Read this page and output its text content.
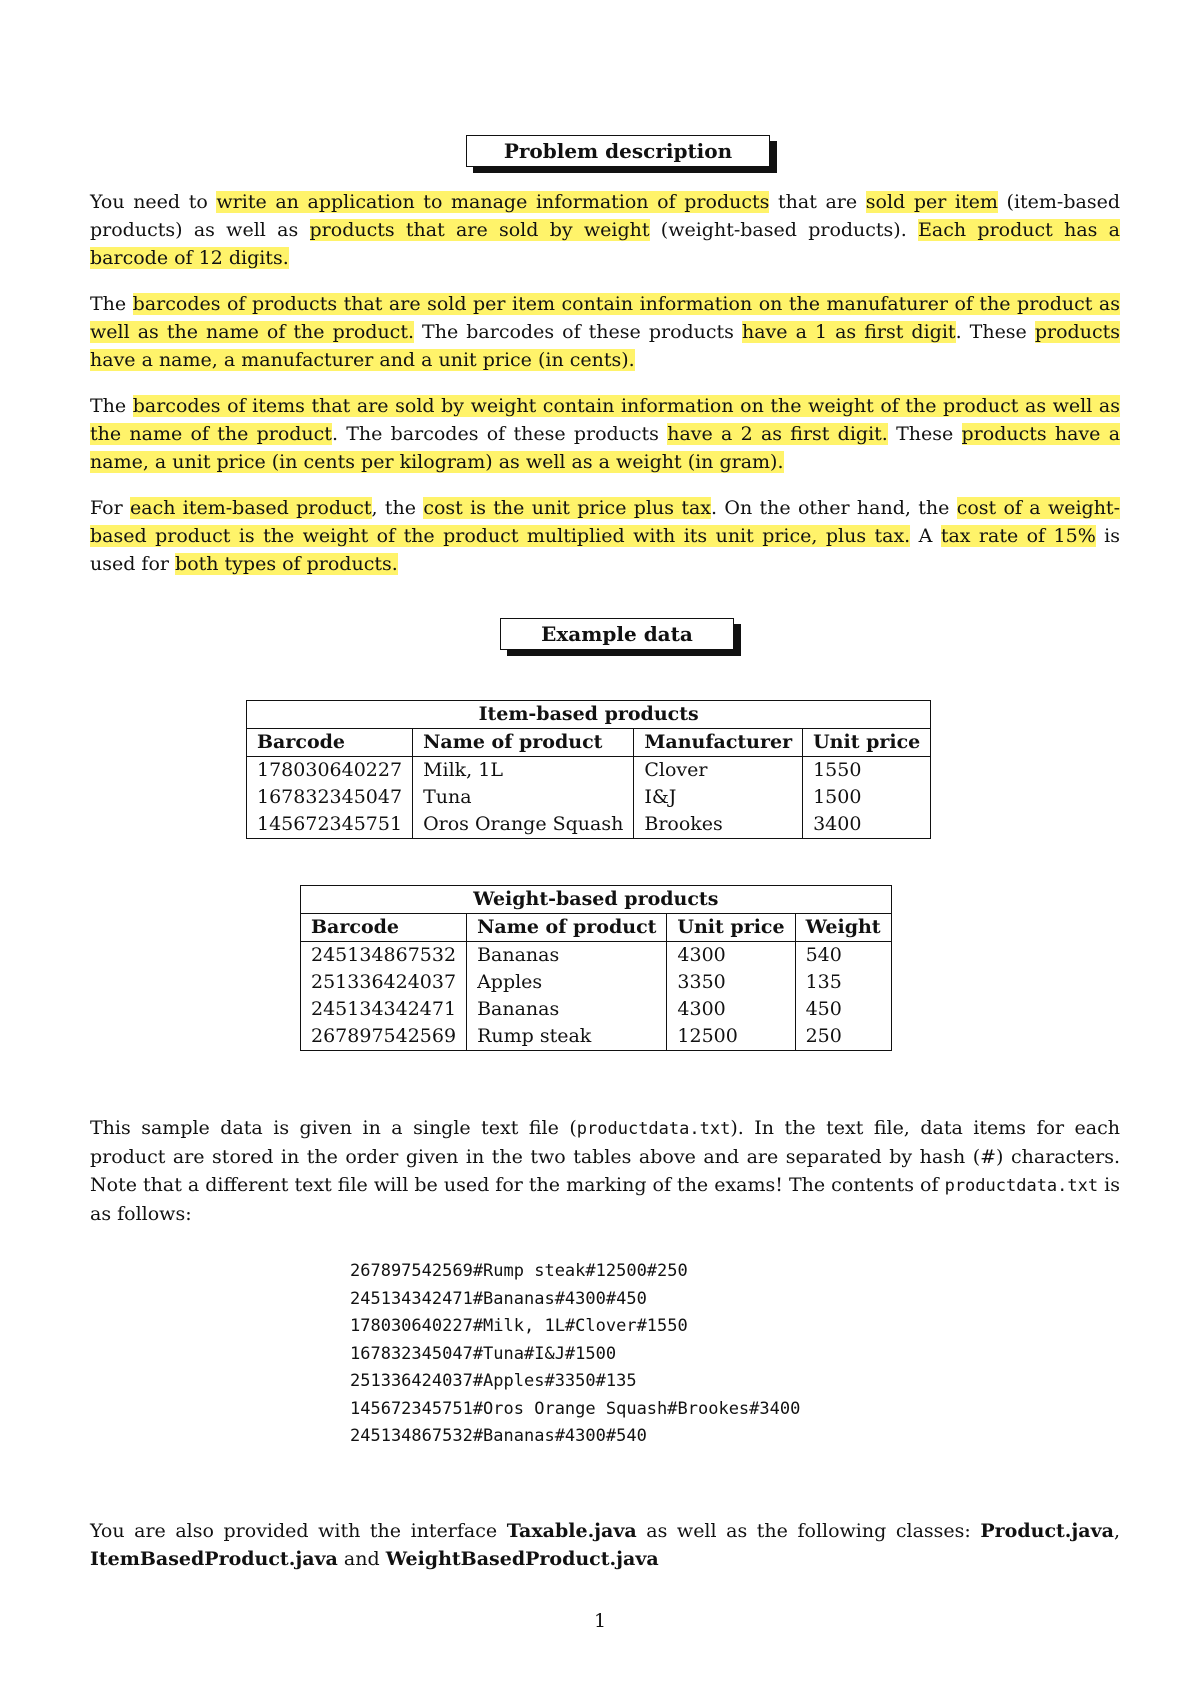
Problem description

You need to write an application to manage information of products that are sold per item (item-based products) as well as products that are sold by weight (weight-based products). Each product has a barcode of 12 digits.

The barcodes of products that are sold per item contain information on the manufaturer of the product as well as the name of the product. The barcodes of these products have a 1 as first digit. These products have a name, a manufacturer and a unit price (in cents).

The barcodes of items that are sold by weight contain information on the weight of the product as well as the name of the product. The barcodes of these products have a 2 as first digit. These products have a name, a unit price (in cents per kilogram) as well as a weight (in gram).

For each item-based product, the cost is the unit price plus tax. On the other hand, the cost of a weight-based product is the weight of the product multiplied with its unit price, plus tax. A tax rate of 15% is used for both types of products.

Example data
Item-based products			
Barcode	Name of product	Manufacturer	Unit price
178030640227	Milk, 1L	Clover	1550
167832345047	Tuna	I&J	1500
145672345751	Oros Orange Squash	Brookes	3400
Weight-based products			
Barcode	Name of product	Unit price	Weight
245134867532	Bananas	4300	540
251336424037	Apples	3350	135
245134342471	Bananas	4300	450
267897542569	Rump steak	12500	250

This sample data is given in a single text file (productdata.txt). In the text file, data items for each product are stored in the order given in the two tables above and are separated by hash (#) characters. Note that a different text file will be used for the marking of the exams! The contents of productdata.txt is as follows:

267897542569#Rump steak#12500#250
245134342471#Bananas#4300#450
178030640227#Milk, 1L#Clover#1550
167832345047#Tuna#I&J#1500
251336424037#Apples#3350#135
145672345751#Oros Orange Squash#Brookes#3400
245134867532#Bananas#4300#540

You are also provided with the interface Taxable.java as well as the following classes: Product.java, ItemBasedProduct.java and WeightBasedProduct.java

1
